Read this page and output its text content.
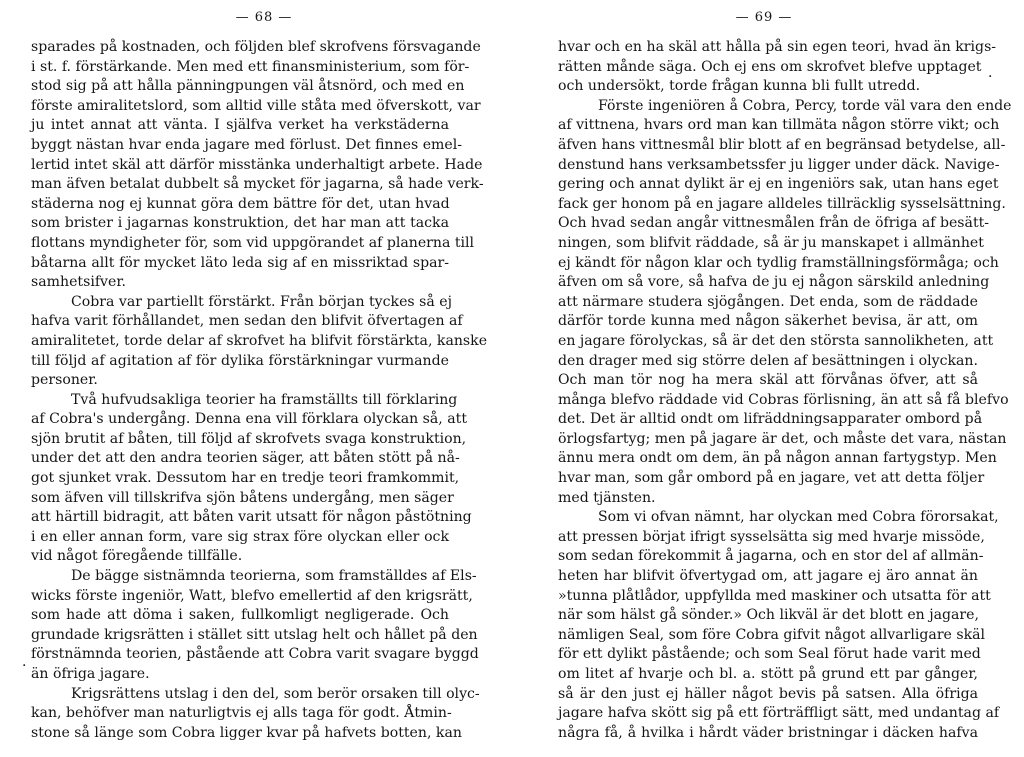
— 68 —
sparades på kostnaden, och följden blef skrofvens försvagande
i st. f. förstärkande. Men med ett finansministerium, som för-
stod sig på att hålla pänningpungen väl åtsnörd, och med en
förste amiralitetslord, som alltid ville ståta med öfverskott, var
ju intet annat att vänta. I själfva verket ha verkstäderna
byggt nästan hvar enda jagare med förlust. Det finnes emel-
lertid intet skäl att därför misstänka underhaltigt arbete. Hade
man äfven betalat dubbelt så mycket för jagarna, så hade verk-
städerna nog ej kunnat göra dem bättre för det, utan hvad
som brister i jagarnas konstruktion, det har man att tacka
flottans myndigheter för, som vid uppgörandet af planerna till
båtarna allt för mycket läto leda sig af en missriktad spar-
samhetsifver.
Cobra var partiellt förstärkt. Från början tyckes så ej
hafva varit förhållandet, men sedan den blifvit öfvertagen af
amiralitetet, torde delar af skrofvet ha blifvit förstärkta, kanske
till följd af agitation af för dylika förstärkningar vurmande
personer.
Två hufvudsakliga teorier ha framställts till förklaring
af Cobra's undergång. Denna ena vill förklara olyckan så, att
sjön brutit af båten, till följd af skrofvets svaga konstruktion,
under det att den andra teorien säger, att båten stött på nå-
got sjunket vrak. Dessutom har en tredje teori framkommit,
som äfven vill tillskrifva sjön båtens undergång, men säger
att härtill bidragit, att båten varit utsatt för någon påstötning
i en eller annan form, vare sig strax före olyckan eller ock
vid något föregående tillfälle.
De bägge sistnämnda teorierna, som framställdes af Els-
wicks förste ingeniör, Watt, blefvo emellertid af den krigsrätt,
som hade att döma i saken, fullkomligt negligerade. Och
grundade krigsrätten i stället sitt utslag helt och hållet på den
förstnämnda teorien, påstående att Cobra varit svagare byggd
än öfriga jagare.
Krigsrättens utslag i den del, som berör orsaken till olyc-
kan, behöfver man naturligtvis ej alls taga för godt. Åtmin-
stone så länge som Cobra ligger kvar på hafvets botten, kan
·
— 69 —
hvar och en ha skäl att hålla på sin egen teori, hvad än krigs-
rätten månde säga. Och ej ens om skrofvet blefve upptaget
och undersökt, torde frågan kunna bli fullt utredd.
Förste ingeniören å Cobra, Percy, torde väl vara den ende
af vittnena, hvars ord man kan tillmäta någon större vikt; och
äfven hans vittnesmål blir blott af en begränsad betydelse, all-
denstund hans verksambetssfer ju ligger under däck. Navige-
gering och annat dylikt är ej en ingeniörs sak, utan hans eget
fack ger honom på en jagare alldeles tillräcklig sysselsättning.
Och hvad sedan angår vittnesmålen från de öfriga af besätt-
ningen, som blifvit räddade, så är ju manskapet i allmänhet
ej kändt för någon klar och tydlig framställningsförmåga; och
äfven om så vore, så hafva de ju ej någon särskild anledning
att närmare studera sjögången. Det enda, som de räddade
därför torde kunna med någon säkerhet bevisa, är att, om
en jagare förolyckas, så är det den största sannolikheten, att
den drager med sig större delen af besättningen i olyckan.
Och man tör nog ha mera skäl att förvånas öfver, att så
många blefvo räddade vid Cobras förlisning, än att så få blefvo
det. Det är alltid ondt om lifräddningsapparater ombord på
örlogsfartyg; men på jagare är det, och måste det vara, nästan
ännu mera ondt om dem, än på någon annan fartygstyp. Men
hvar man, som går ombord på en jagare, vet att detta följer
med tjänsten.
Som vi ofvan nämnt, har olyckan med Cobra förorsakat,
att pressen börjat ifrigt sysselsätta sig med hvarje missöde,
som sedan förekommit å jagarna, och en stor del af allmän-
heten har blifvit öfvertygad om, att jagare ej äro annat än
»tunna plåtlådor, uppfyllda med maskiner och utsatta för att
när som hälst gå sönder.» Och likväl är det blott en jagare,
nämligen Seal, som före Cobra gifvit något allvarligare skäl
för ett dylikt påstående; och som Seal förut hade varit med
om litet af hvarje och bl. a. stött på grund ett par gånger,
så är den just ej häller något bevis på satsen. Alla öfriga
jagare hafva skött sig på ett förträffligt sätt, med undantag af
några få, å hvilka i hårdt väder bristningar i däcken hafva
·
